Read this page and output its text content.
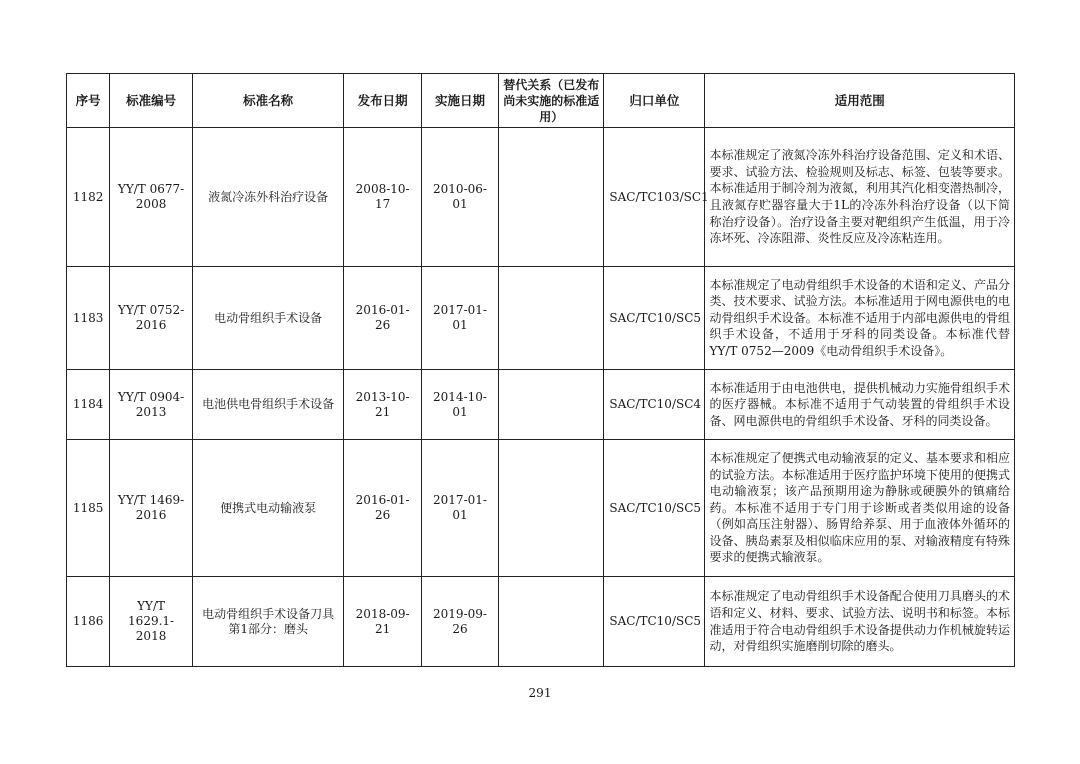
序号	标准编号	标准名称	发布日期	实施日期	替代关系（已发布尚未实施的标准适用）	归口单位	适用范围
1182	YY/T 0677-2008	液氮冷冻外科治疗设备	2008-10-17	2010-06-01		SAC/TC103/SC1	本标准规定了液氮冷冻外科治疗设备范围、定义和术语、要求、试验方法、检验规则及标志、标签、包装等要求。本标准适用于制冷剂为液氮，利用其汽化相变潜热制冷，且液氮存贮器容量大于1L的冷冻外科治疗设备（以下简称治疗设备）。治疗设备主要对靶组织产生低温，用于冷冻坏死、冷冻阻滞、炎性反应及冷冻粘连用。
1183	YY/T 0752-2016	电动骨组织手术设备	2016-01-26	2017-01-01		SAC/TC10/SC5	本标准规定了电动骨组织手术设备的术语和定义、产品分类、技术要求、试验方法。本标准适用于网电源供电的电动骨组织手术设备。本标准不适用于内部电源供电的骨组织手术设备，不适用于牙科的同类设备。本标准代替YY/T 0752—2009《电动骨组织手术设备》。
1184	YY/T 0904-2013	电池供电骨组织手术设备	2013-10-21	2014-10-01		SAC/TC10/SC4	本标准适用于由电池供电，提供机械动力实施骨组织手术的医疗器械。本标准不适用于气动装置的骨组织手术设备、网电源供电的骨组织手术设备、牙科的同类设备。
1185	YY/T 1469-2016	便携式电动输液泵	2016-01-26	2017-01-01		SAC/TC10/SC5	本标准规定了便携式电动输液泵的定义、基本要求和相应的试验方法。本标准适用于医疗监护环境下使用的便携式电动输液泵；该产品预期用途为静脉或硬膜外的镇痛给药。本标准不适用于专门用于诊断或者类似用途的设备（例如高压注射器）、肠胃给养泵、用于血液体外循环的设备、胰岛素泵及相似临床应用的泵、对输液精度有特殊要求的便携式输液泵。
1186	YY/T 1629.1-2018	电动骨组织手术设备刀具 第1部分：磨头	2018-09-21	2019-09-26		SAC/TC10/SC5	本标准规定了电动骨组织手术设备配合使用刀具磨头的术语和定义、材料、要求、试验方法、说明书和标签。本标准适用于符合电动骨组织手术设备提供动力作机械旋转运动，对骨组织实施磨削切除的磨头。
291
